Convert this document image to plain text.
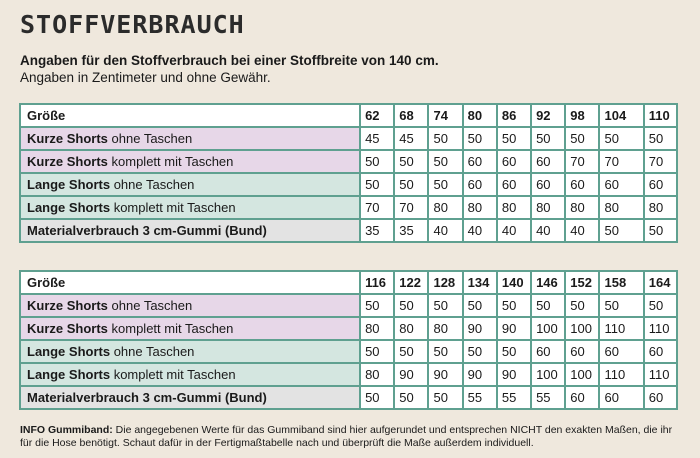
STOFFVERBRAUCH
Angaben für den Stoffverbrauch bei einer Stoffbreite von 140 cm.
Angaben in Zentimeter und ohne Gewähr.
Größe	62	68	74	80	86	92	98	104	110
Kurze Shorts ohne Taschen	45	45	50	50	50	50	50	50	50
Kurze Shorts komplett mit Taschen	50	50	50	60	60	60	70	70	70
Lange Shorts ohne Taschen	50	50	50	60	60	60	60	60	60
Lange Shorts komplett mit Taschen	70	70	80	80	80	80	80	80	80
Materialverbrauch 3 cm-Gummi (Bund)	35	35	40	40	40	40	40	50	50
Größe	116	122	128	134	140	146	152	158	164
Kurze Shorts ohne Taschen	50	50	50	50	50	50	50	50	50
Kurze Shorts komplett mit Taschen	80	80	80	90	90	100	100	110	110
Lange Shorts ohne Taschen	50	50	50	50	50	60	60	60	60
Lange Shorts komplett mit Taschen	80	90	90	90	90	100	100	110	110
Materialverbrauch 3 cm-Gummi (Bund)	50	50	50	55	55	55	60	60	60
INFO Gummiband: Die angegebenen Werte für das Gummiband sind hier aufgerundet und entsprechen NICHT den exakten Maßen, die ihr für die Hose benötigt. Schaut dafür in der Fertigmaßtabelle nach und überprüft die Maße außerdem individuell.
